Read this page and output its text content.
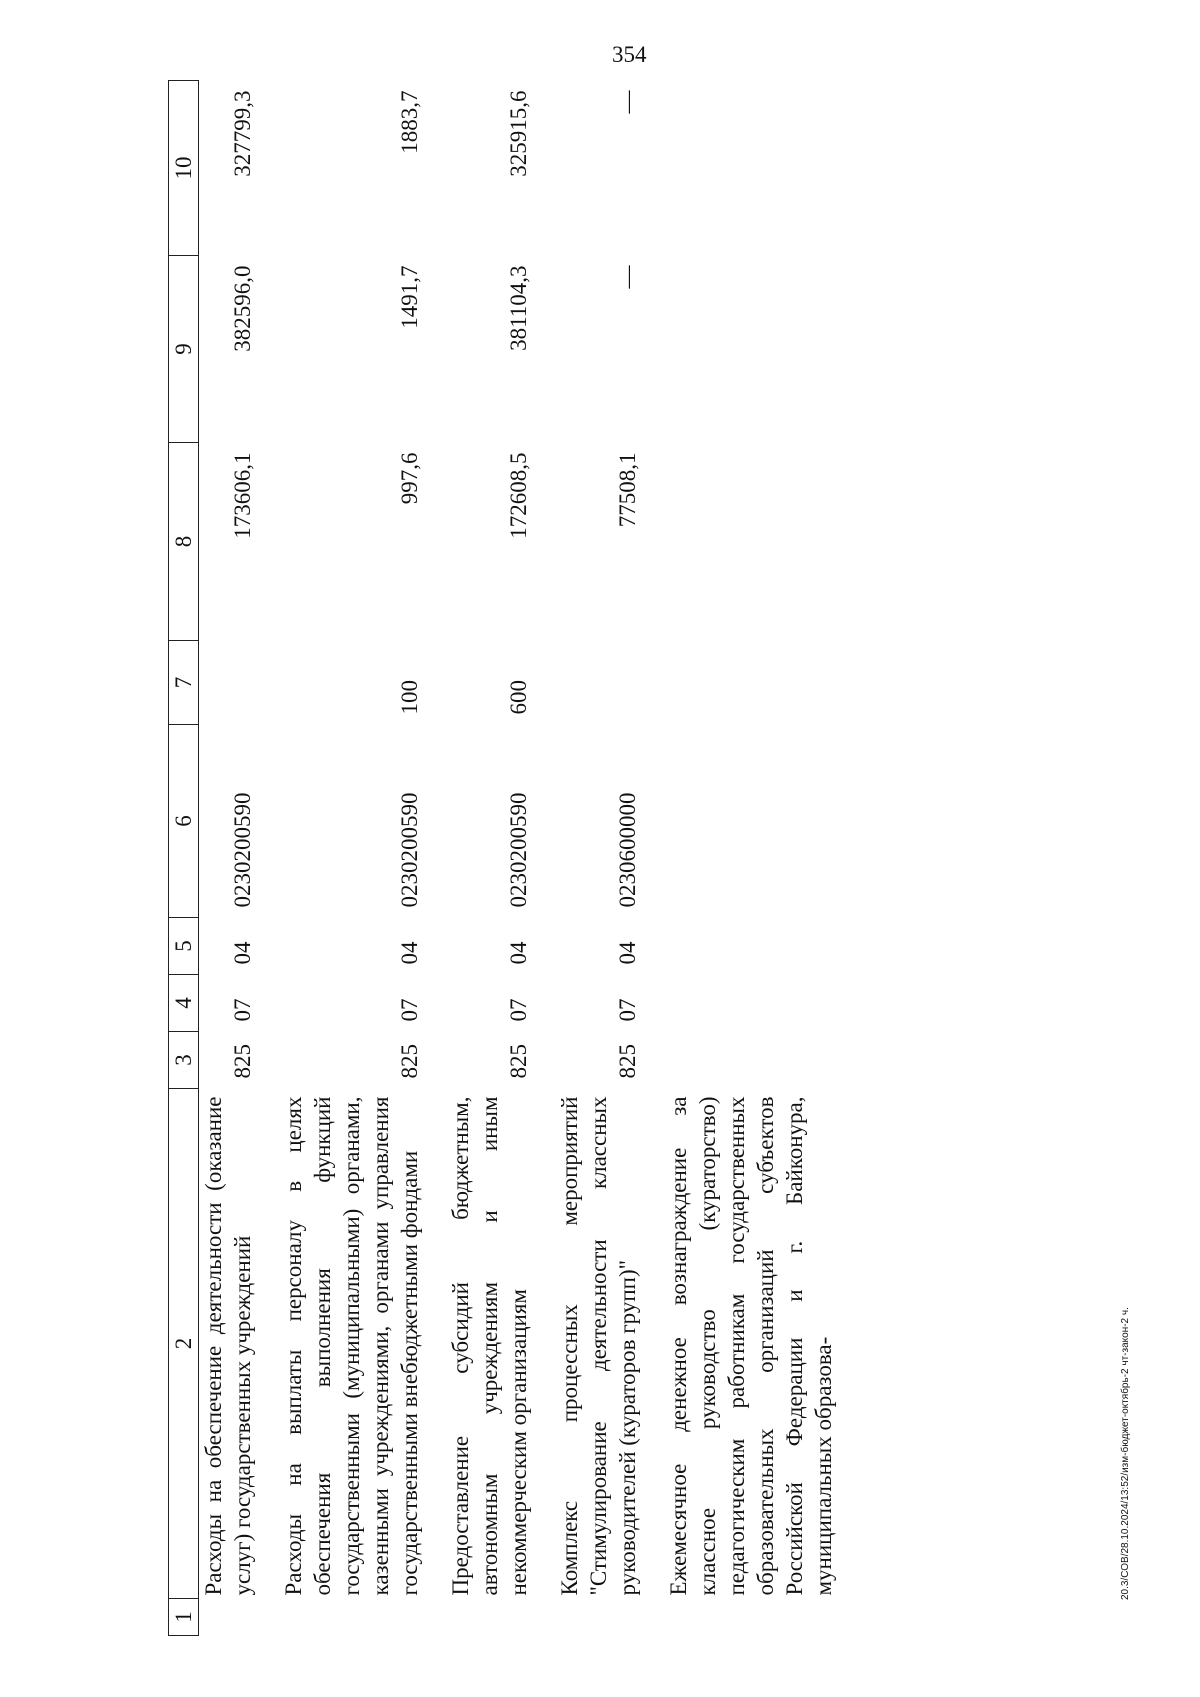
354
1	2	3	4	5	6	7	8	9	10
Расходы на обеспечение деятельности (оказание услуг) государственных учреждений		825	07	04	0230200590		173606,1	382596,0	327799,3
Расходы на выплаты персоналу в целях обеспечения выполнения функций государственными (муниципальными) органами, казенными учреждениями, органами управления государственными внебюджетными фондами		825	07	04	0230200590	100	997,6	1491,7	1883,7
Предоставление субсидий бюджетным, автономным учреждениям и иным некоммерческим организациям		825	07	04	0230200590	600	172608,5	381104,3	325915,6
Комплекс процессных мероприятий "Стимулирование деятельности классных руководителей (кураторов групп)"		825	07	04	0230600000		77508,1	—	—
Ежемесячное денежное вознаграждение за классное руководство (кураторство) педагогическим работникам государственных образовательных организаций субъектов Российской Федерации и г. Байконура, муниципальных образова-										20.3/СОВ/28.10.2024/13:52/изм-бюджет-октябрь-2 чт-закон-2 ч.
